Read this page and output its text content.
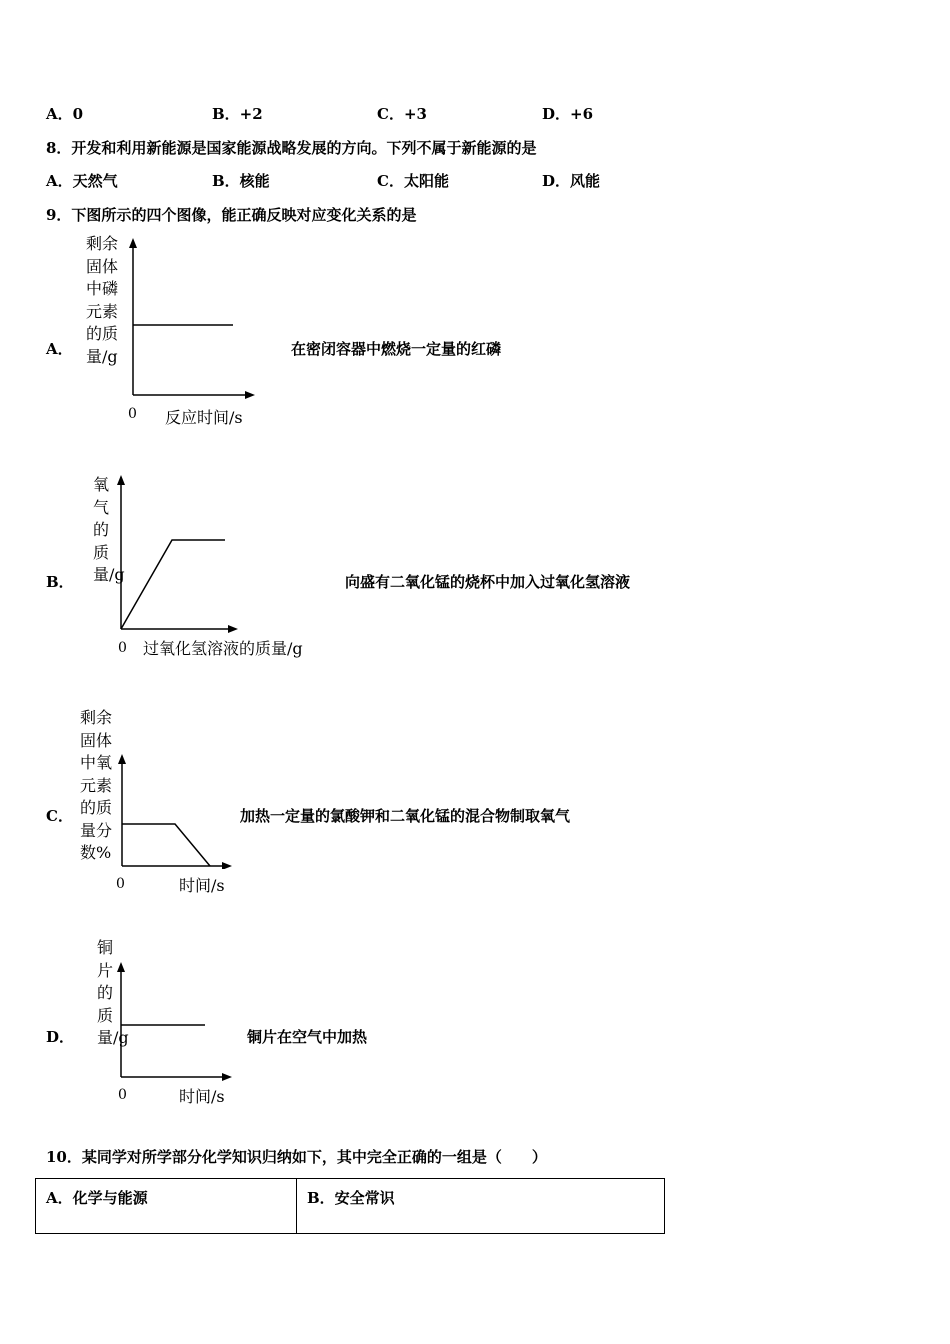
A．0	B．+2	C．+3	D．+6
8．开发和利用新能源是国家能源战略发展的方向。下列不属于新能源的是
A．天然气	B．核能	C．太阳能	D．风能
9．下图所示的四个图像，能正确反映对应变化关系的是
A．
剩余固体中磷元素的质量/g
0 反应时间/s
在密闭容器中燃烧一定量的红磷
B．
氧气的质量/g
0 过氧化氢溶液的质量/g
向盛有二氧化锰的烧杯中加入过氧化氢溶液
C．
剩余固体中氧元素的质量分数%
0	时间/s
加热一定量的氯酸钾和二氧化锰的混合物制取氧气
D．
铜片的质量/g
0	时间/s
铜片在空气中加热
10．某同学对所学部分化学知识归纳如下，其中完全正确的一组是（　　）
A．化学与能源	B．安全常识
